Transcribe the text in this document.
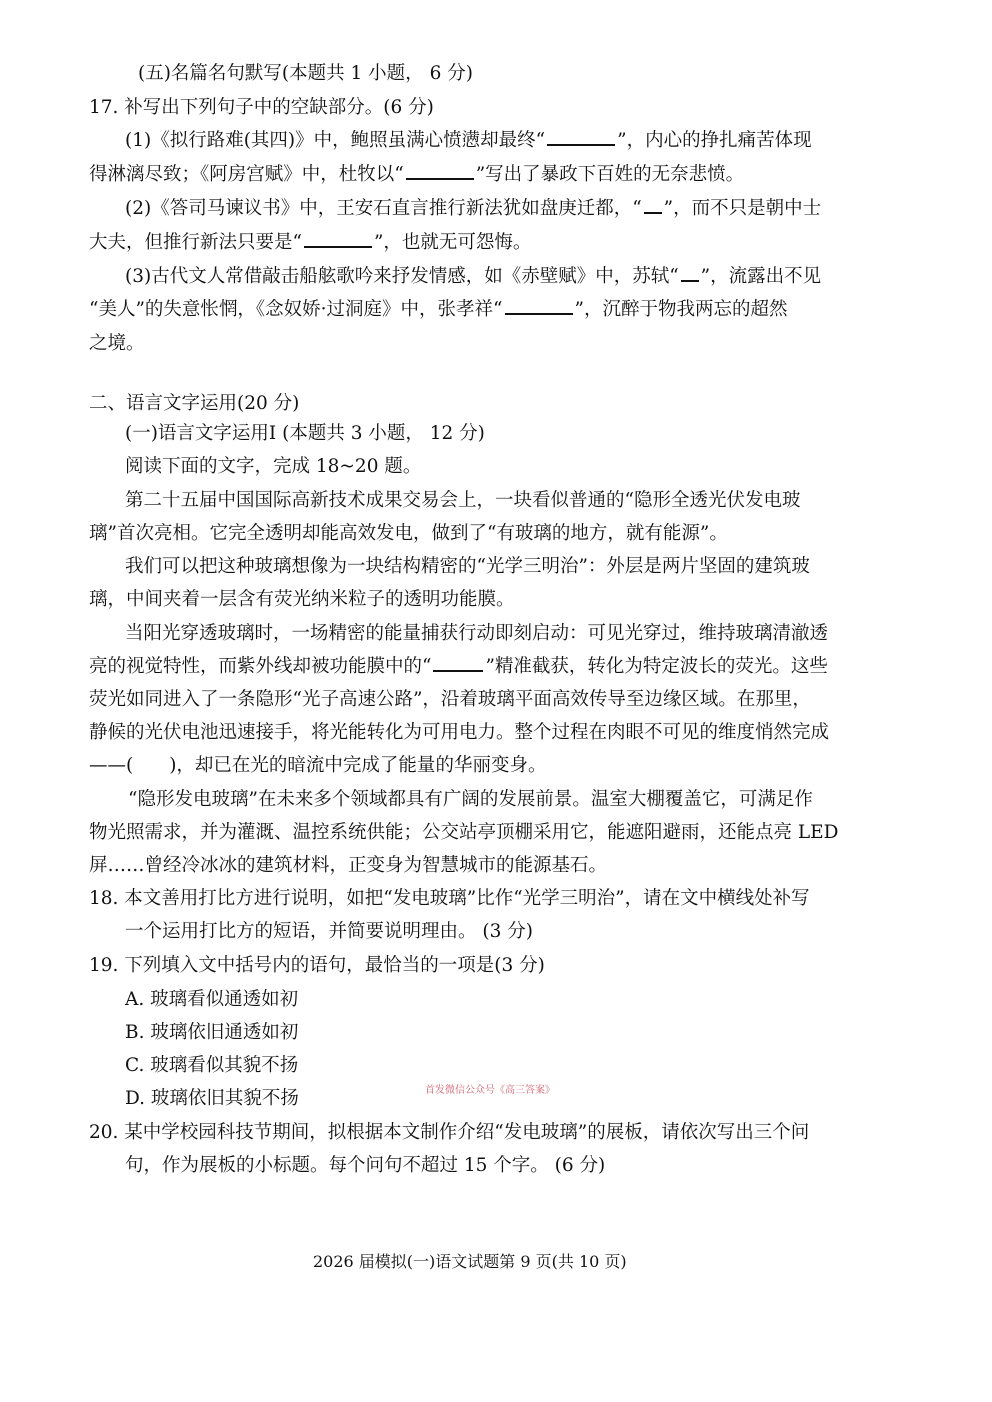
(五)名篇名句默写(本题共 1 小题， 6 分)
17. 补写出下列句子中的空缺部分。(6 分)
(1)《拟行路难(其四)》中，鲍照虽满心愤懑却最终“	”，内心的挣扎痛苦体现
得淋漓尽致；《阿房宫赋》中，杜牧以“	”写出了暴政下百姓的无奈悲愤。
(2)《答司马谏议书》中，王安石直言推行新法犹如盘庚迁都，“ ”，而不只是朝中士
大夫，但推行新法只要是“	”，也就无可怨悔。
(3)古代文人常借敲击船舷歌吟来抒发情感，如《赤壁赋》中，苏轼“ ”，流露出不见
“美人”的失意怅惘，《念奴娇·过洞庭》中，张孝祥“	”，沉醉于物我两忘的超然
之境。
二、语言文字运用(20 分)
(一)语言文字运用Ⅰ (本题共 3 小题， 12 分)
阅读下面的文字，完成 18~20 题。
第二十五届中国国际高新技术成果交易会上，一块看似普通的“隐形全透光伏发电玻
璃”首次亮相。它完全透明却能高效发电，做到了“有玻璃的地方，就有能源”。
我们可以把这种玻璃想像为一块结构精密的“光学三明治”：外层是两片坚固的建筑玻
璃，中间夹着一层含有荧光纳米粒子的透明功能膜。
当阳光穿透玻璃时，一场精密的能量捕获行动即刻启动：可见光穿过，维持玻璃清澈透
亮的视觉特性，而紫外线却被功能膜中的“	”精准截获，转化为特定波长的荧光。这些
荧光如同进入了一条隐形“光子高速公路”，沿着玻璃平面高效传导至边缘区域。在那里，
静候的光伏电池迅速接手，将光能转化为可用电力。整个过程在肉眼不可见的维度悄然完成
——( )，却已在光的暗流中完成了能量的华丽变身。
“隐形发电玻璃”在未来多个领域都具有广阔的发展前景。温室大棚覆盖它，可满足作
物光照需求，并为灌溉、温控系统供能；公交站亭顶棚采用它，能遮阳避雨，还能点亮 LED
屏……曾经冷冰冰的建筑材料，正变身为智慧城市的能源基石。
18. 本文善用打比方进行说明，如把“发电玻璃”比作“光学三明治”，请在文中横线处补写
一个运用打比方的短语，并简要说明理由。 (3 分)
19. 下列填入文中括号内的语句，最恰当的一项是(3 分)
A. 玻璃看似通透如初
B. 玻璃依旧通透如初
C. 玻璃看似其貌不扬
D. 玻璃依旧其貌不扬	首发微信公众号《高三答案》
20. 某中学校园科技节期间，拟根据本文制作介绍“发电玻璃”的展板，请依次写出三个问
句，作为展板的小标题。每个问句不超过 15 个字。 (6 分)
2026 届模拟(一)语文试题第 9 页(共 10 页)
